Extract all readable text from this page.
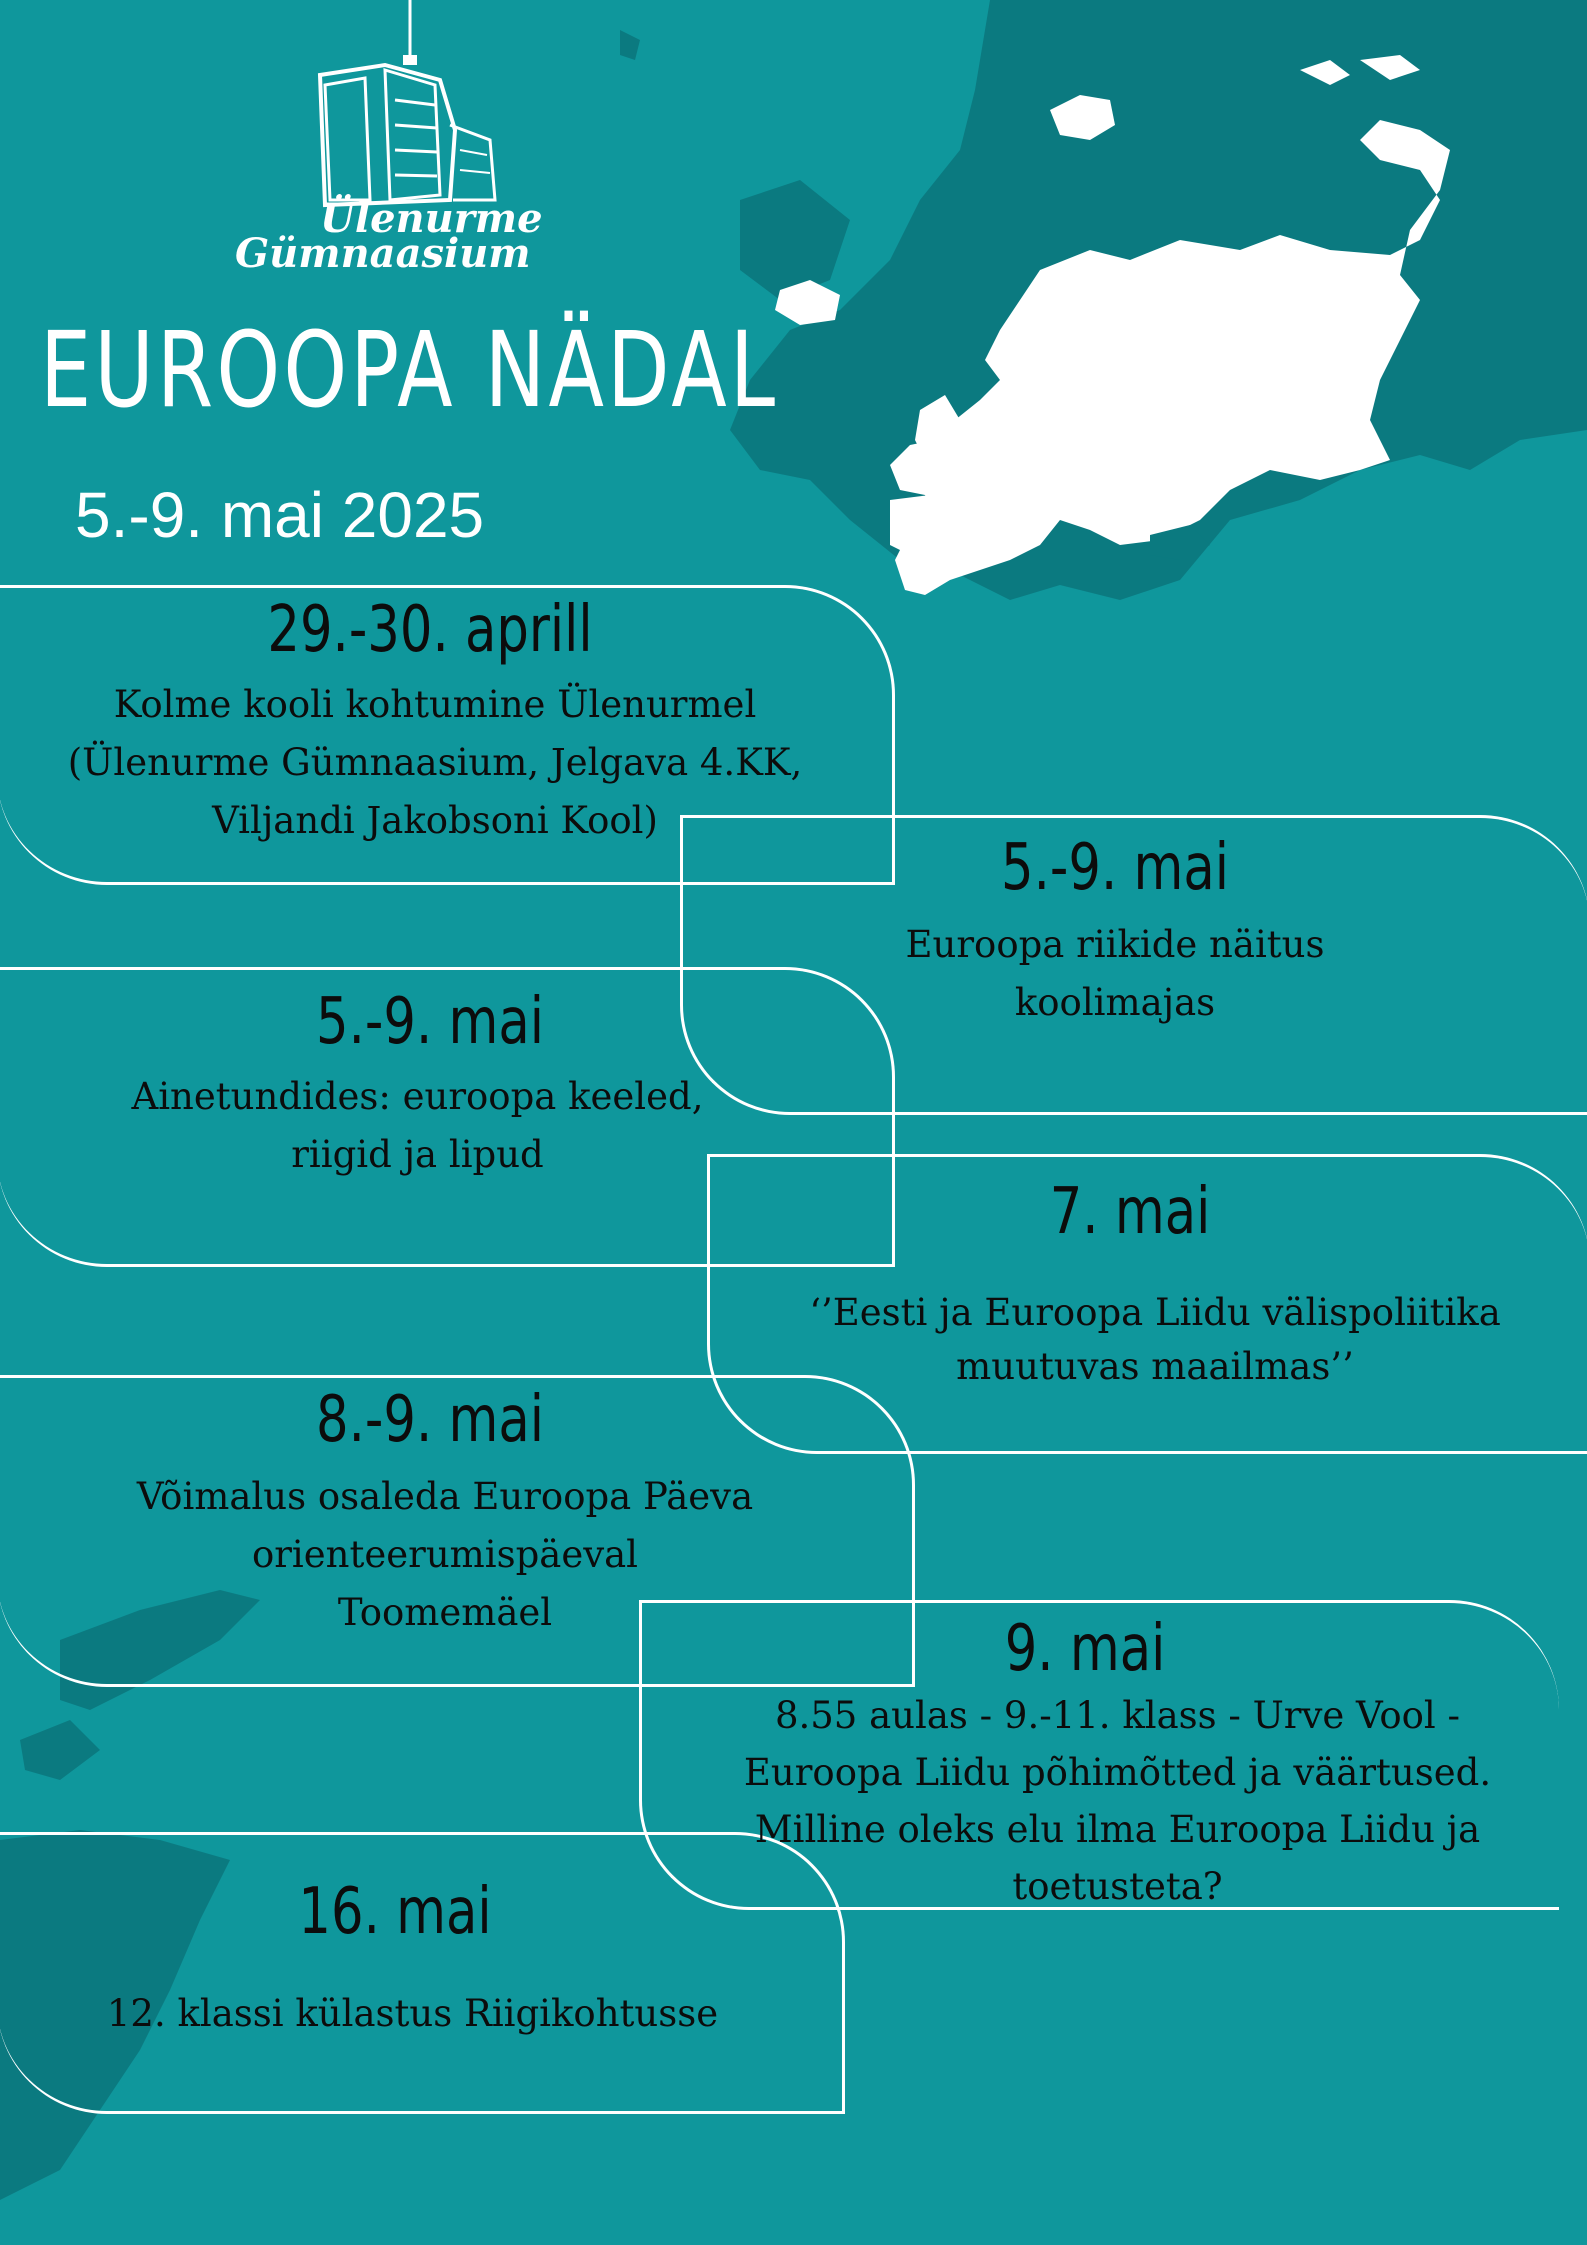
Ülenurme
Gümnaasium
EUROOPA NÄDAL
5.-9. mai 2025
29.-30. aprill
Kolme kooli kohtumine Ülenurmel
(Ülenurme Gümnaasium, Jelgava 4.KK,
Viljandi Jakobsoni Kool)
5.-9. mai
Euroopa riikide näitus
koolimajas
5.-9. mai
Ainetundides: euroopa keeled,
riigid ja lipud
7. mai
‘’Eesti ja Euroopa Liidu välispoliitika
muutuvas maailmas’’
8.-9. mai
Võimalus osaleda Euroopa Päeva
orienteerumispäeval
Toomemäel	9. mai
8.55 aulas - 9.-11. klass - Urve Vool -
Euroopa Liidu põhimõtted ja väärtused.
Milline oleks elu ilma Euroopa Liidu ja
toetusteta?
16. mai
12. klassi külastus Riigikohtusse
